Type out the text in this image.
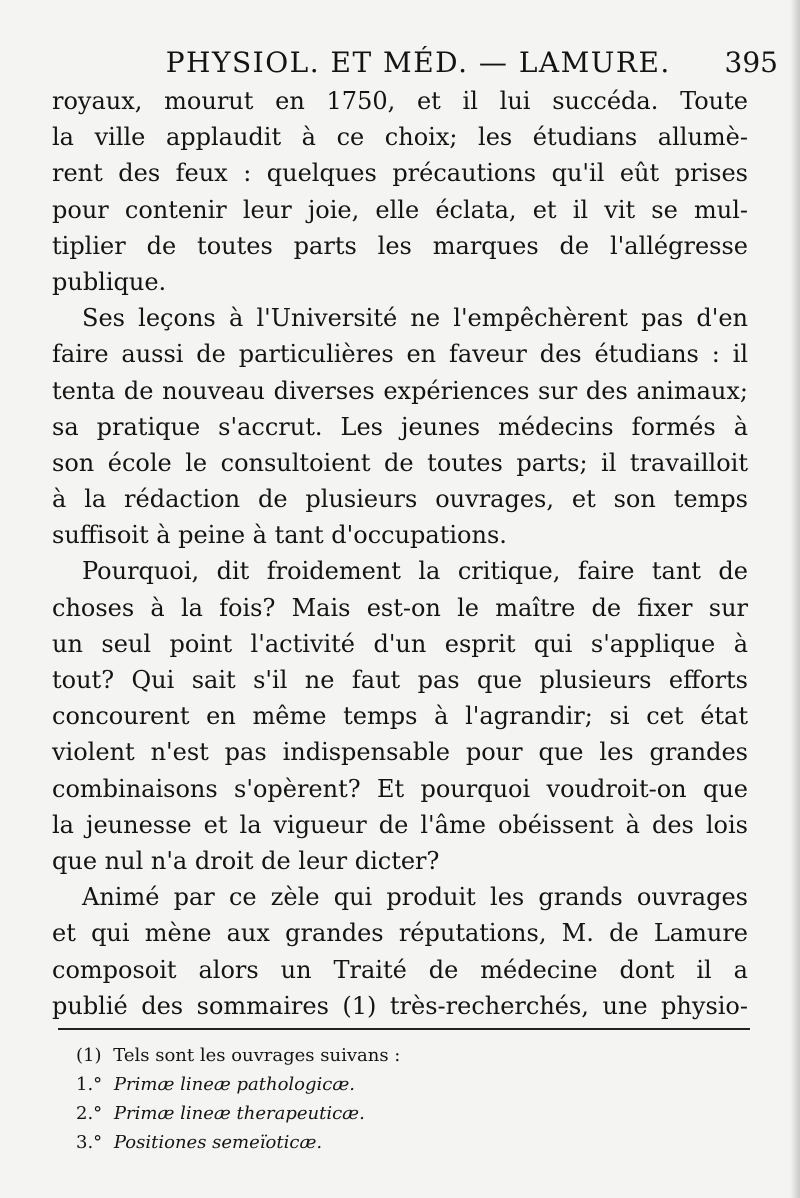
PHYSIOL. ET MÉD. — LAMURE.	395
royaux, mourut en 1750, et il lui succéda. Toute
la ville applaudit à ce choix; les étudians allumè-
rent des feux : quelques précautions qu'il eût prises
pour contenir leur joie, elle éclata, et il vit se mul-
tiplier de toutes parts les marques de l'allégresse
publique.
Ses leçons à l'Université ne l'empêchèrent pas d'en
faire aussi de particulières en faveur des étudians : il
tenta de nouveau diverses expériences sur des animaux;
sa pratique s'accrut. Les jeunes médecins formés à
son école le consultoient de toutes parts; il travailloit
à la rédaction de plusieurs ouvrages, et son temps
suffisoit à peine à tant d'occupations.
Pourquoi, dit froidement la critique, faire tant de
choses à la fois? Mais est-on le maître de fixer sur
un seul point l'activité d'un esprit qui s'applique à
tout? Qui sait s'il ne faut pas que plusieurs efforts
concourent en même temps à l'agrandir; si cet état
violent n'est pas indispensable pour que les grandes
combinaisons s'opèrent? Et pourquoi voudroit-on que
la jeunesse et la vigueur de l'âme obéissent à des lois
que nul n'a droit de leur dicter?
Animé par ce zèle qui produit les grands ouvrages
et qui mène aux grandes réputations, M. de Lamure
composoit alors un Traité de médecine dont il a
publié des sommaires (1) très-recherchés, une physio-
(1) Tels sont les ouvrages suivans :
1.° Primæ lineæ pathologicæ.
2.° Primæ lineæ therapeuticæ.
3.° Positiones semeïoticæ.
